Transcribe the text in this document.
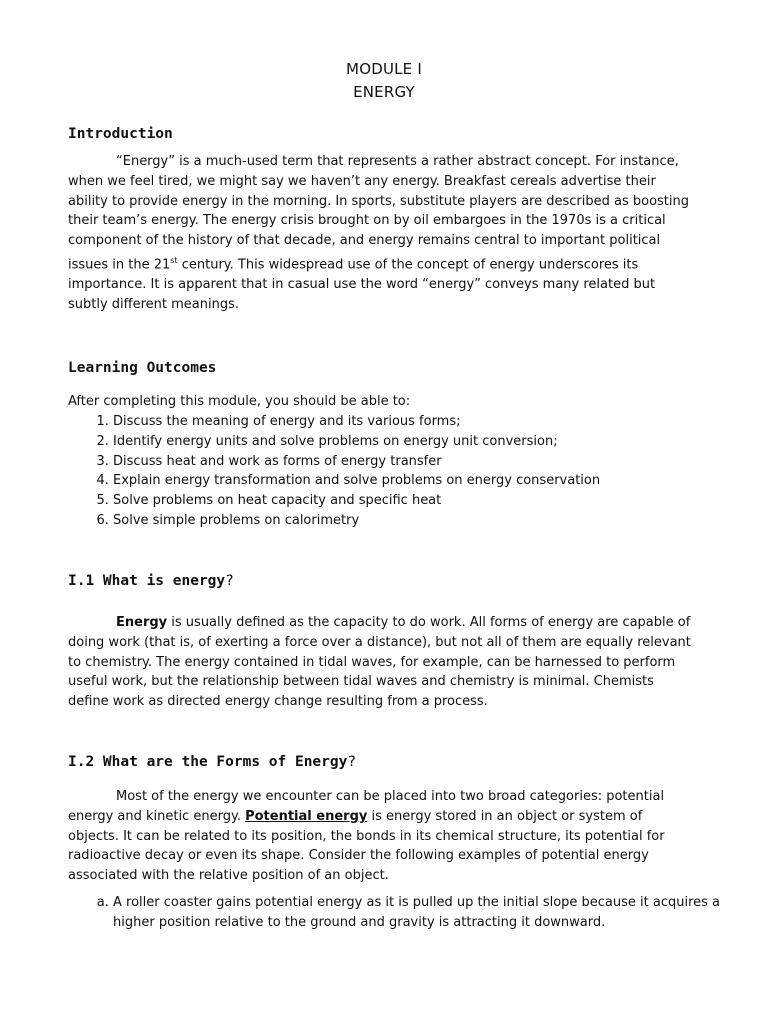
MODULE I
ENERGY
Introduction

“Energy” is a much-used term that represents a rather abstract concept. For instance, when we feel tired, we might say we haven’t any energy. Breakfast cereals advertise their ability to provide energy in the morning. In sports, substitute players are described as boosting their team’s energy. The energy crisis brought on by oil embargoes in the 1970s is a critical component of the history of that decade, and energy remains central to important political issues in the 21st century. This widespread use of the concept of energy underscores its importance. It is apparent that in casual use the word “energy” conveys many related but subtly different meanings.

Learning Outcomes

After completing this module, you should be able to:

1. Discuss the meaning of energy and its various forms;
2. Identify energy units and solve problems on energy unit conversion;
3. Discuss heat and work as forms of energy transfer
4. Explain energy transformation and solve problems on energy conservation
5. Solve problems on heat capacity and specific heat
6. Solve simple problems on calorimetry
I.1 What is energy?

Energy is usually defined as the capacity to do work. All forms of energy are capable of doing work (that is, of exerting a force over a distance), but not all of them are equally relevant to chemistry. The energy contained in tidal waves, for example, can be harnessed to perform useful work, but the relationship between tidal waves and chemistry is minimal. Chemists define work as directed energy change resulting from a process.

I.2 What are the Forms of Energy?

Most of the energy we encounter can be placed into two broad categories: potential energy and kinetic energy. Potential energy is energy stored in an object or system of objects. It can be related to its position, the bonds in its chemical structure, its potential for radioactive decay or even its shape. Consider the following examples of potential energy associated with the relative position of an object.

a. A roller coaster gains potential energy as it is pulled up the initial slope because it acquires a higher position relative to the ground and gravity is attracting it downward.
